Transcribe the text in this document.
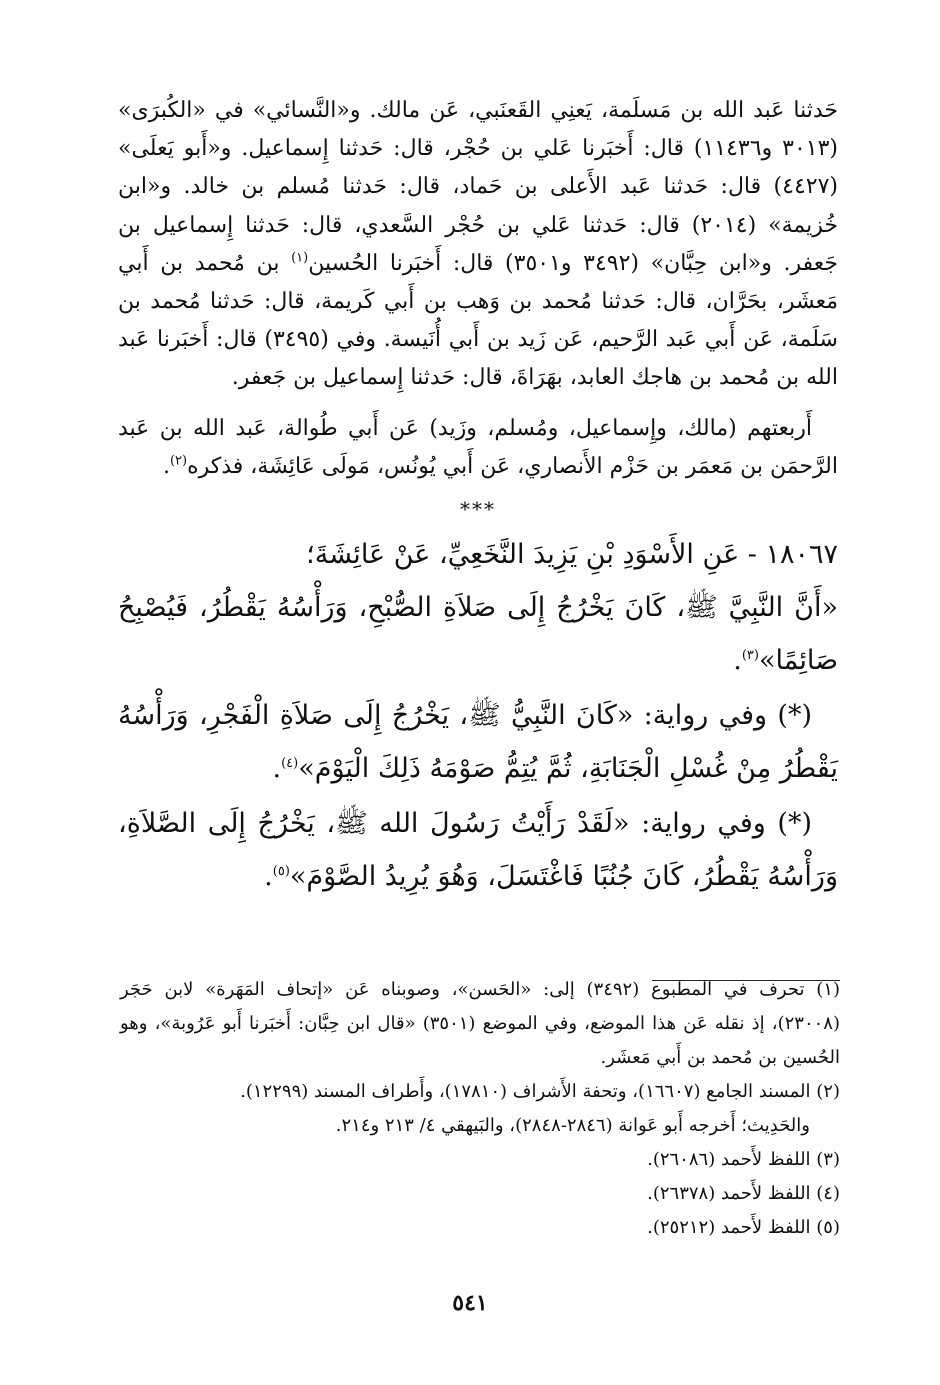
حَدثنا عَبد الله بن مَسلَمة، يَعنِي القَعنَبي، عَن مالك. و«النَّسائي» في «الكُبرَى» (٣٠١٣ و١١٤٣٦) قال: أَخبَرنا عَلي بن حُجْر، قال: حَدثنا إِسماعيل. و«أَبو يَعلَى» (٤٤٢٧) قال: حَدثنا عَبد الأَعلى بن حَماد، قال: حَدثنا مُسلم بن خالد. و«ابن خُزيمة» (٢٠١٤) قال: حَدثنا عَلي بن حُجْر السَّعدي، قال: حَدثنا إِسماعيل بن جَعفر. و«ابن حِبَّان» (٣٤٩٢ و٣٥٠١) قال: أَخبَرنا الحُسين$^{(١)}$ بن مُحمد بن أَبي مَعشَر، بحَرَّان، قال: حَدثنا مُحمد بن وَهب بن أَبي كَريمة، قال: حَدثنا مُحمد بن سَلَمة، عَن أَبي عَبد الرَّحيم، عَن زَيد بن أَبي أُنَيسة. وفي (٣٤٩٥) قال: أَخبَرنا عَبد الله بن مُحمد بن هاجك العابد، بهَرَاةَ، قال: حَدثنا إِسماعيل بن جَعفر.

أَربعتهم (مالك، وإِسماعيل، ومُسلم، وزَيد) عَن أَبي طُوالة، عَبد الله بن عَبد الرَّحمَن بن مَعمَر بن حَزْم الأَنصاري، عَن أَبي يُونُس، مَولَى عَائِشَة، فذكره$^{(٢)}$.

***

١٨٠٦٧ - عَنِ الأَسْوَدِ بْنِ يَزِيدَ النَّخَعِيِّ، عَنْ عَائِشَةَ؛

«أَنَّ النَّبِيَّ ﷺ، كَانَ يَخْرُجُ إِلَى صَلاَةِ الصُّبْحِ، وَرَأْسُهُ يَقْطُرُ، فَيُصْبِحُ صَائِمًا»$^{(٣)}$.

(*) وفي رواية: «كَانَ النَّبِيُّ ﷺ، يَخْرُجُ إِلَى صَلاَةِ الْفَجْرِ، وَرَأْسُهُ يَقْطُرُ مِنْ غُسْلِ الْجَنَابَةِ، ثُمَّ يُتِمُّ صَوْمَهُ ذَلِكَ الْيَوْمَ»$^{(٤)}$.

(*) وفي رواية: «لَقَدْ رَأَيْتُ رَسُولَ الله ﷺ، يَخْرُجُ إِلَى الصَّلاَةِ، وَرَأْسُهُ يَقْطُرُ، كَانَ جُنُبًا فَاغْتَسَلَ، وَهُوَ يُرِيدُ الصَّوْمَ»$^{(٥)}$.

(١) تحرف في المطبوع (٣٤٩٢) إلى: «الحَسن»، وصوبناه عَن «إتحاف المَهَرة» لابن حَجَر (٢٣٠٠٨)، إذ نقله عَن هذا الموضع، وفي الموضع (٣٥٠١) «قال ابن حِبَّان: أَخبَرنا أَبو عَرُوبة»، وهو الحُسين بن مُحمد بن أَبي مَعشَر.

(٢) المسند الجامع (١٦٦٠٧)، وتحفة الأَشراف (١٧٨١٠)، وأَطراف المسند (١٢٢٩٩).

والحَدِيث؛ أَخرجه أَبو عَوانة (٢٨٤٦-٢٨٤٨)، والبَيهقي ٤/ ٢١٣ و٢١٤.

(٣) اللفظ لأَحمد (٢٦٠٨٦).

(٤) اللفظ لأَحمد (٢٦٣٧٨).

(٥) اللفظ لأَحمد (٢٥٢١٢).

٥٤١
